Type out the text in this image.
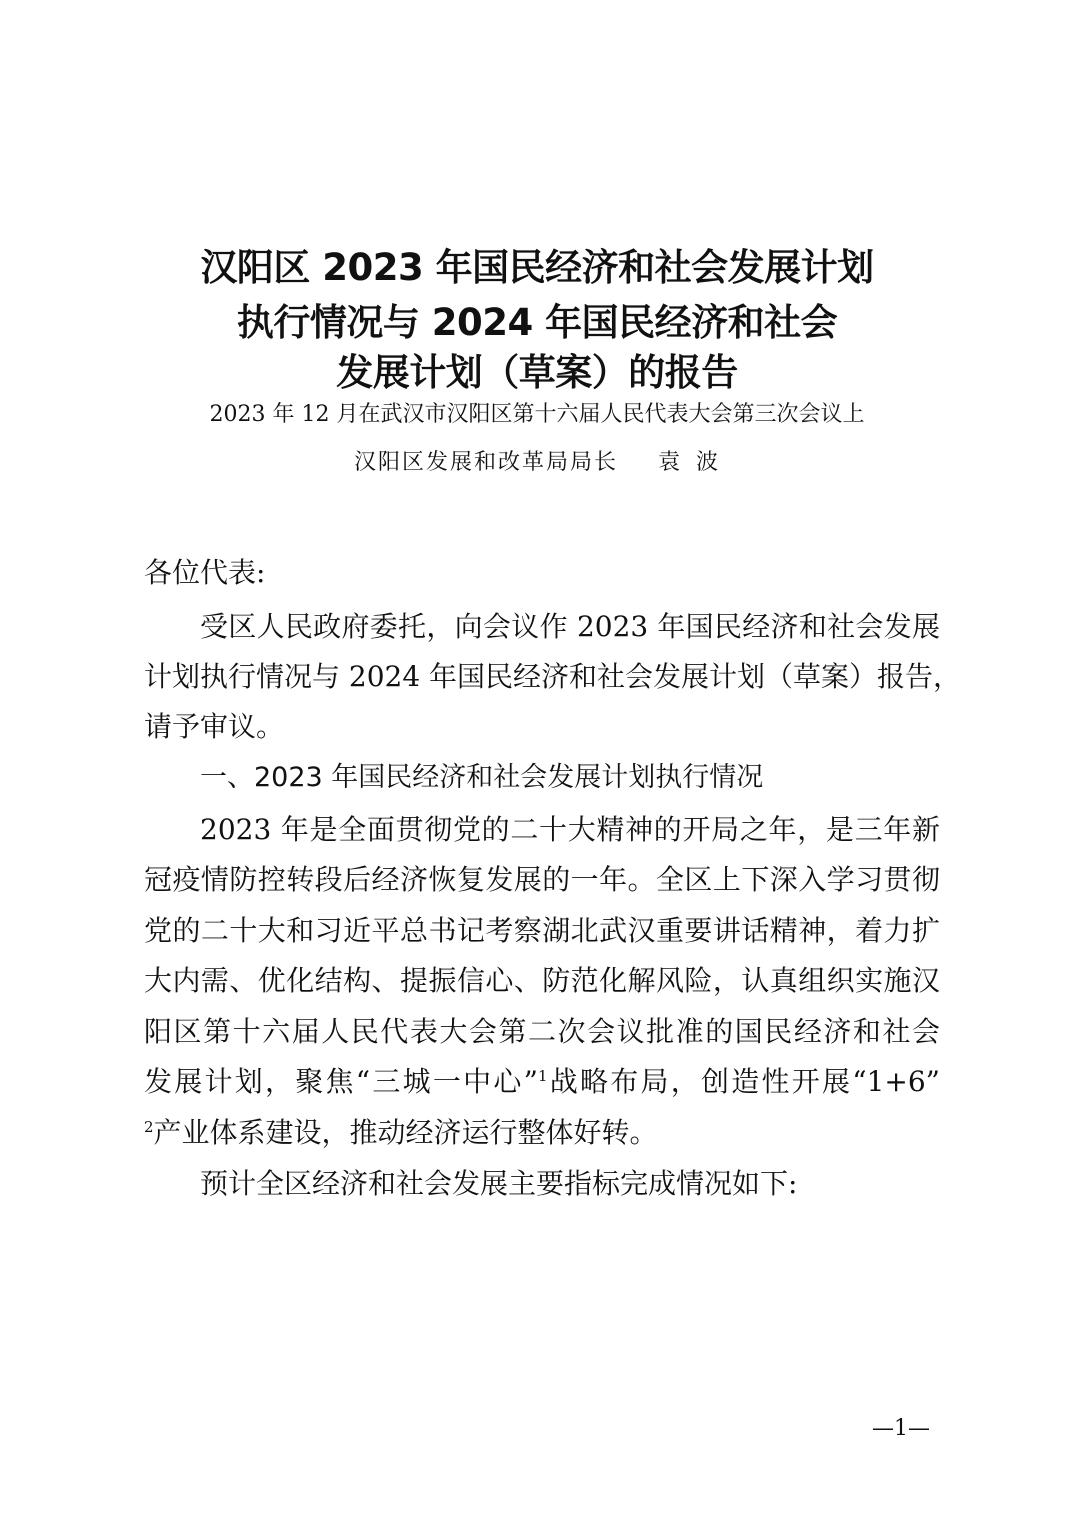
汉阳区 2023 年国民经济和社会发展计划
执行情况与 2024 年国民经济和社会
发展计划（草案）的报告
2023 年 12 月在武汉市汉阳区第十六届人民代表大会第三次会议上
汉阳区发展和改革局局长 袁 波
各位代表:
受区人民政府委托，向会议作 2023 年国民经济和社会发展
计划执行情况与 2024 年国民经济和社会发展计划（草案）报告，
请予审议。
一、2023 年国民经济和社会发展计划执行情况
2023 年是全面贯彻党的二十大精神的开局之年，是三年新
冠疫情防控转段后经济恢复发展的一年。全区上下深入学习贯彻
党的二十大和习近平总书记考察湖北武汉重要讲话精神，着力扩
大内需、优化结构、提振信心、防范化解风险，认真组织实施汉
阳区第十六届人民代表大会第二次会议批准的国民经济和社会
发展计划，聚焦“三城一中心”$^1$战略布局，创造性开展“1+6”
$^2$产业体系建设，推动经济运行整体好转。
预计全区经济和社会发展主要指标完成情况如下:
—1—
